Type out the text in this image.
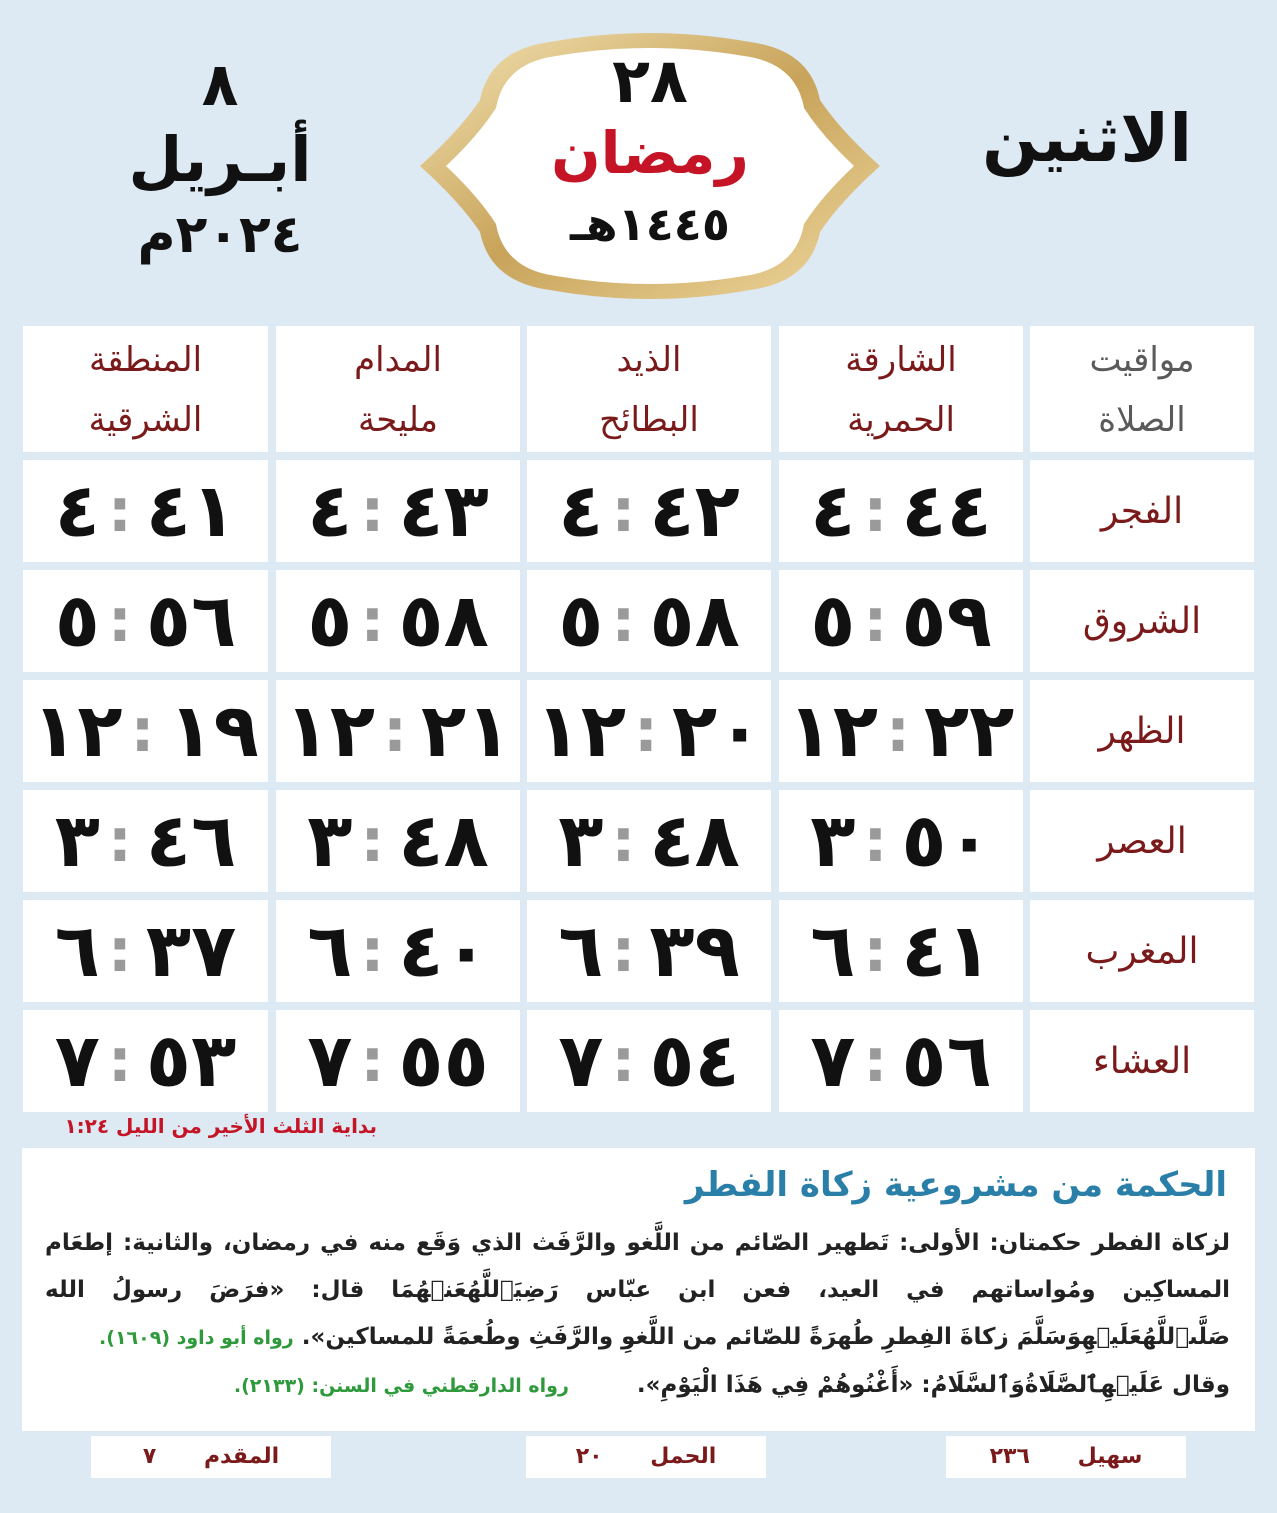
الاثنين
٨
أبـريل
٢٠٢٤م
٢٨
رمضان
١٤٤٥هـ
مواقيت
الصلاة
الشارقة
الحمرية
الذيد
البطائح
المدام
مليحة
المنطقة
الشرقية
الفجر
٤ : ٤٤
٤ : ٤٢
٤ : ٤٣
٤ : ٤١
الشروق
٥ : ٥٩
٥ : ٥٨
٥ : ٥٨
٥ : ٥٦
الظهر
١٢ : ٢٢
١٢ : ٢٠
١٢ : ٢١
١٢ : ١٩
العصر
٣ : ٥٠
٣ : ٤٨
٣ : ٤٨
٣ : ٤٦
المغرب
٦ : ٤١
٦ : ٣٩
٦ : ٤٠
٦ : ٣٧
العشاء
٧ : ٥٦
٧ : ٥٤
٧ : ٥٥
٧ : ٥٣
بداية الثلث الأخير من الليل ١:٢٤
الحكمة من مشروعية زكاة الفطر
لزكاة الفطر حكمتان: الأولى: تَطهير الصّائم من اللَّغو والرَّفَث الذي وَقَع منه في رمضان، والثانية: إطعَام المساكِين ومُواساتهم في العيد، فعن ابن عبّاس رَضِيَٱللَّهُعَنۡهُمَا قال: «فرَضَ رسولُ الله صَلَّىٱللَّهُعَلَيۡهِوَسَلَّمَ زكاةَ الفِطرِ طُهرَةً للصّائم من اللَّغوِ والرَّفَثِ وطُعمَةً للمساكين». رواه أبو داود (١٦٠٩).
وقال عَلَيۡهِٱلصَّلَاةُوَٱلسَّلَامُ: «أَغْنُوهُمْ فِي هَذَا الْيَوْمِ». رواه الدارقطني في السنن: (٢١٣٣).
سهيل ٢٣٦
الحمل ٢٠
المقدم ٧
